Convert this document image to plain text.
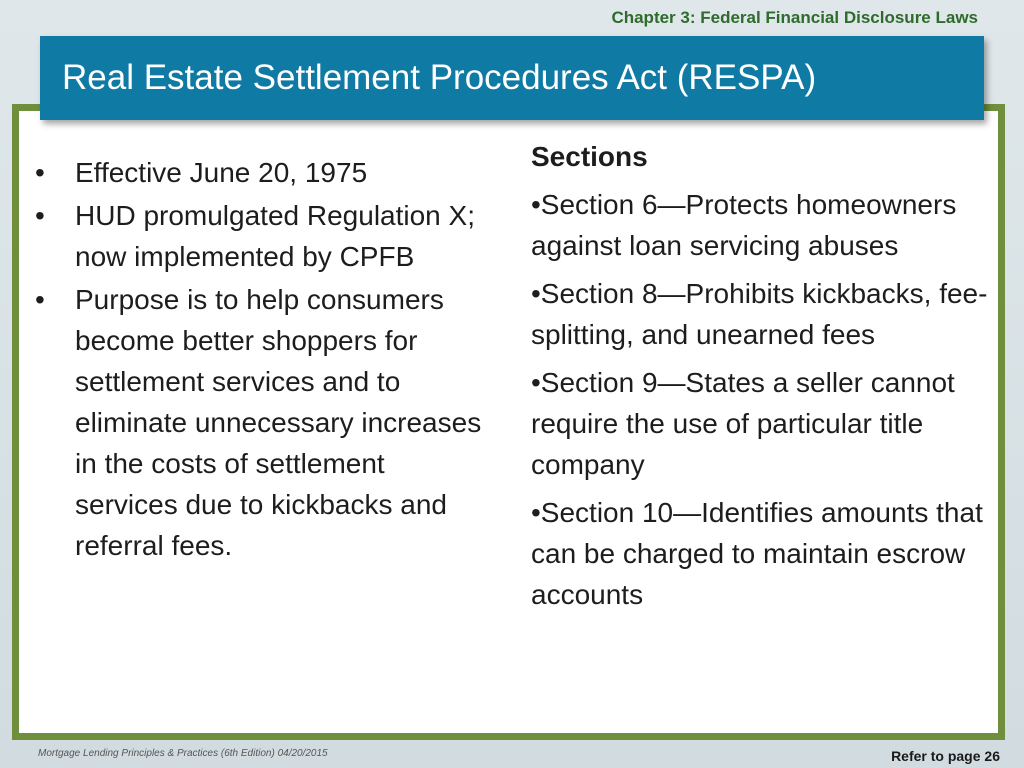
Chapter 3: Federal Financial Disclosure Laws
Real Estate Settlement Procedures Act (RESPA)
• Effective June 20, 1975
• HUD promulgated Regulation X; now implemented by CPFB
• Purpose is to help consumers become better shoppers for settlement services and to eliminate unnecessary increases in the costs of settlement services due to kickbacks and referral fees.
Sections
•Section 6—Protects homeowners against loan servicing abuses
•Section 8—Prohibits kickbacks, fee-splitting, and unearned fees
•Section 9—States a seller cannot require the use of particular title company
•Section 10—Identifies amounts that can be charged to maintain escrow accounts
Mortgage Lending Principles & Practices (6th Edition) 04/20/2015	Refer to page 26
